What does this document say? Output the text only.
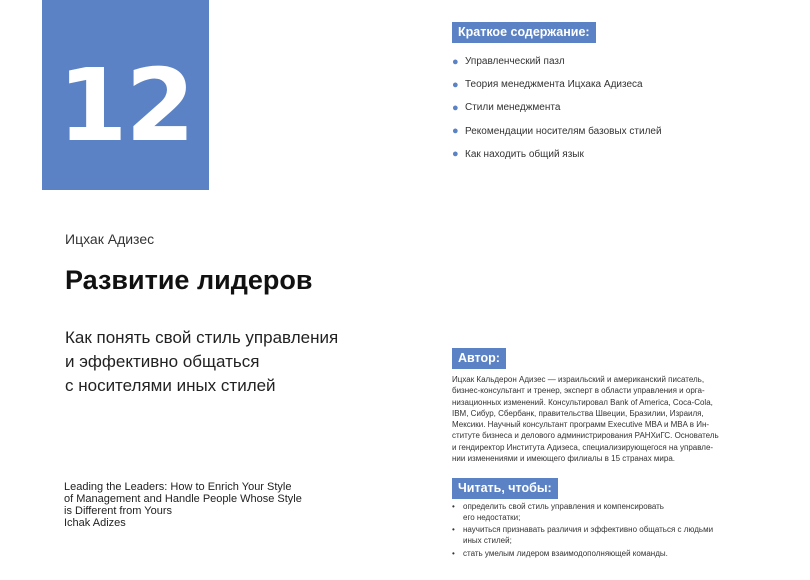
12
Ицхак Адизес
Развитие лидеров
Как понять свой стиль управления
и эффективно общаться
с носителями иных стилей
Leading the Leaders: How to Enrich Your Style
of Management and Handle People Whose Style
is Different from Yours
Ichak Adizes
Краткое содержание:
● Управленческий пазл
● Теория менеджмента Ицхака Адизеса
● Стили менеджмента
● Рекомендации носителям базовых стилей
● Как находить общий язык
Автор:
Ицхак Кальдерон Адизес — израильский и американский писатель,
бизнес-консультант и тренер, эксперт в области управления и орга-
низационных изменений. Консультировал Bank of America, Coca-Cola,
IBM, Сибур, Сбербанк, правительства Швеции, Бразилии, Израиля,
Мексики. Научный консультант программ Executive MBA и MBA в Ин-
ституте бизнеса и делового администрирования РАНХиГС. Основатель
и гендиректор Института Адизеса, специализирующегося на управле-
нии изменениями и имеющего филиалы в 15 странах мира.
Читать, чтобы:
•	определить свой стиль управления и компенсировать
его недостатки;
•	научиться признавать различия и эффективно общаться с людьми
иных стилей;
•	стать умелым лидером взаимодополняющей команды.
